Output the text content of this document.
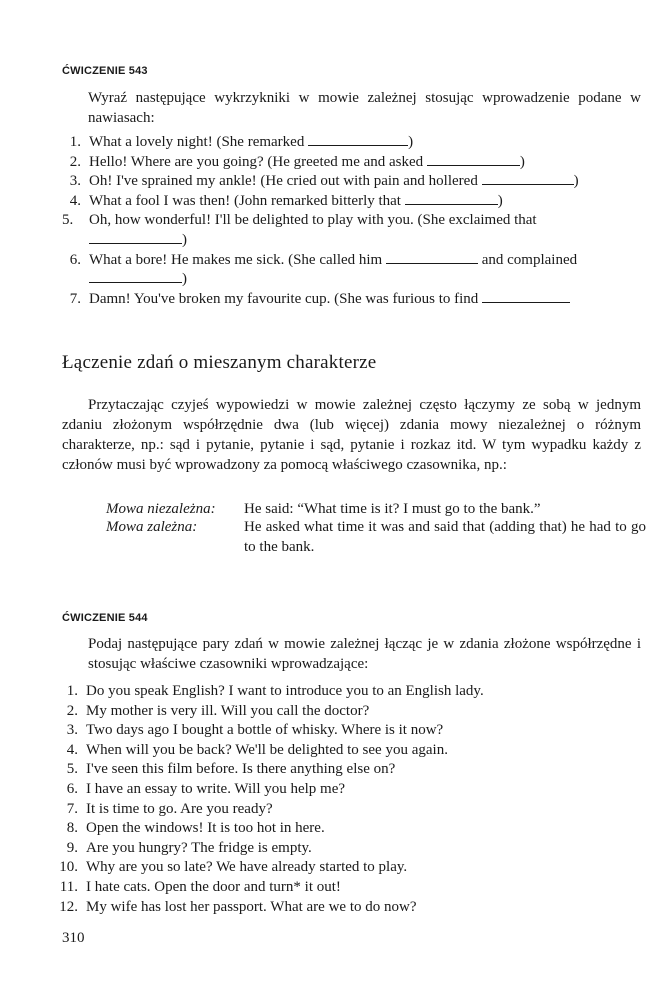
ĆWICZENIE 543
Wyraź następujące wykrzykniki w mowie zależnej stosując wprowadzenie podane w nawiasach:
1. What a lovely night! (She remarked	)
2. Hello! Where are you going? (He greeted me and asked	)
3. Oh! I've sprained my ankle! (He cried out with pain and hollered	)
4. What a fool I was then! (John remarked bitterly that	)
5.	Oh, how wonderful! I'll be delighted to play with you. (She exclaimed that
)
6. What a bore! He makes me sick. (She called him	and complained
)
7. Damn! You've broken my favourite cup. (She was furious to find
Łączenie zdań o mieszanym charakterze
Przytaczając czyjeś wypowiedzi w mowie zależnej często łączymy ze sobą w jednym zdaniu złożonym współrzędnie dwa (lub więcej) zdania mowy niezależnej o różnym charakterze, np.: sąd i pytanie, pytanie i sąd, pytanie i rozkaz itd. W tym wypadku każdy z członów musi być wprowadzony za pomocą właściwego czasownika, np.:
Mowa niezależna: He said: “What time is it? I must go to the bank.”
Mowa zależna:	He asked what time it was and said that (adding that) he had to go to the bank.
ĆWICZENIE 544
Podaj następujące pary zdań w mowie zależnej łącząc je w zdania złożone współrzędne i stosując właściwe czasowniki wprowadzające:
1. Do you speak English? I want to introduce you to an English lady.
2. My mother is very ill. Will you call the doctor?
3. Two days ago I bought a bottle of whisky. Where is it now?
4. When will you be back? We'll be delighted to see you again.
5. I've seen this film before. Is there anything else on?
6. I have an essay to write. Will you help me?
7. It is time to go. Are you ready?
8. Open the windows! It is too hot in here.
9. Are you hungry? The fridge is empty.
10. Why are you so late? We have already started to play.
11. I hate cats. Open the door and turn* it out!
12. My wife has lost her passport. What are we to do now?
310
